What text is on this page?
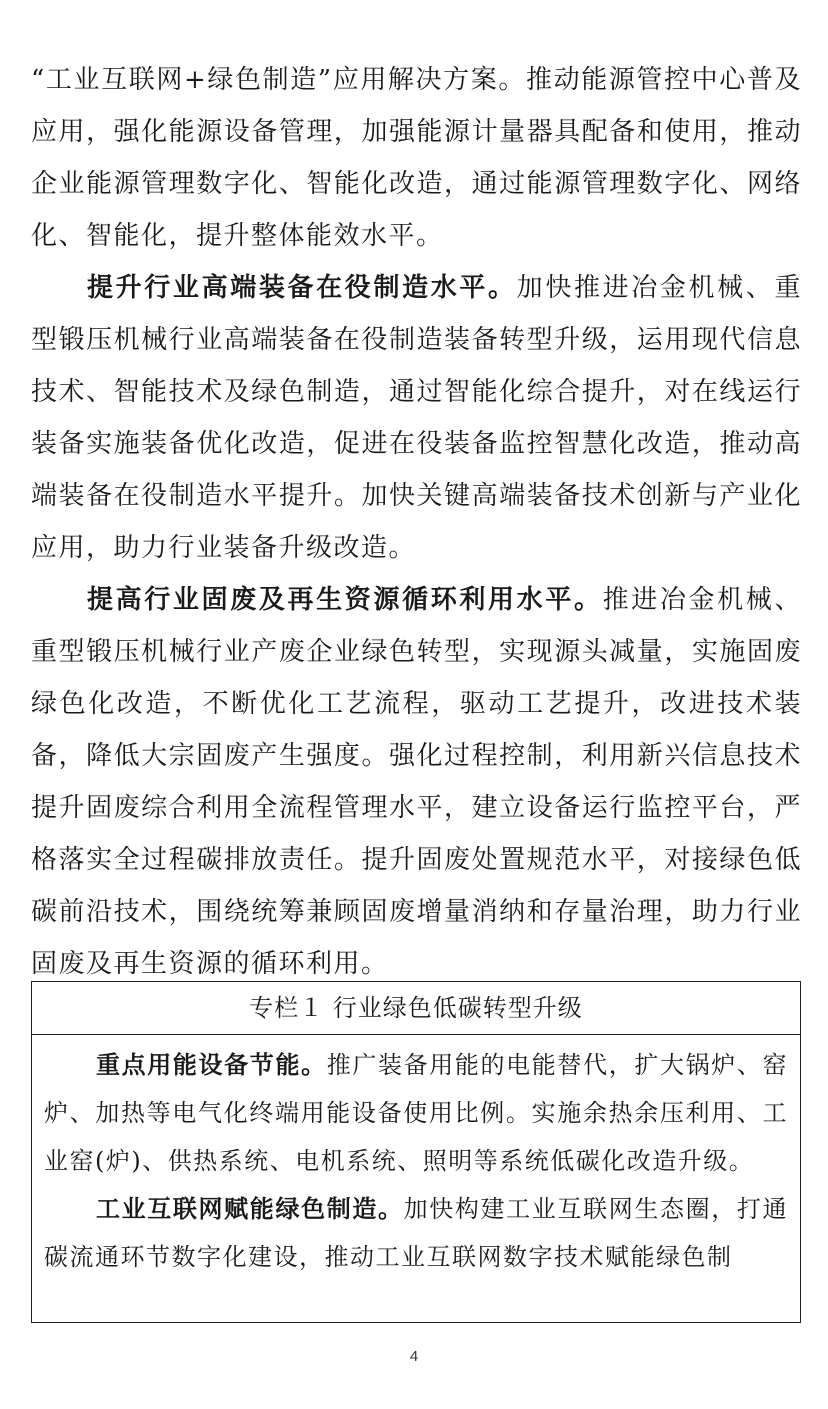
“工业互联网+绿色制造”应用解决方案。推动能源管控中心普及应用，强化能源设备管理，加强能源计量器具配备和使用，推动企业能源管理数字化、智能化改造，通过能源管理数字化、网络化、智能化，提升整体能效水平。

提升行业高端装备在役制造水平。加快推进冶金机械、重型锻压机械行业高端装备在役制造装备转型升级，运用现代信息技术、智能技术及绿色制造，通过智能化综合提升，对在线运行装备实施装备优化改造，促进在役装备监控智慧化改造，推动高端装备在役制造水平提升。加快关键高端装备技术创新与产业化应用，助力行业装备升级改造。

提高行业固废及再生资源循环利用水平。推进冶金机械、重型锻压机械行业产废企业绿色转型，实现源头减量，实施固废绿色化改造，不断优化工艺流程，驱动工艺提升，改进技术装备，降低大宗固废产生强度。强化过程控制，利用新兴信息技术提升固废综合利用全流程管理水平，建立设备运行监控平台，严格落实全过程碳排放责任。提升固废处置规范水平，对接绿色低碳前沿技术，围绕统筹兼顾固废增量消纳和存量治理，助力行业固废及再生资源的循环利用。

专栏１ 行业绿色低碳转型升级

重点用能设备节能。推广装备用能的电能替代，扩大锅炉、窑炉、加热等电气化终端用能设备使用比例。实施余热余压利用、工业窑(炉)、供热系统、电机系统、照明等系统低碳化改造升级。

工业互联网赋能绿色制造。加快构建工业互联网生态圈，打通碳流通环节数字化建设，推动工业互联网数字技术赋能绿色制

4
